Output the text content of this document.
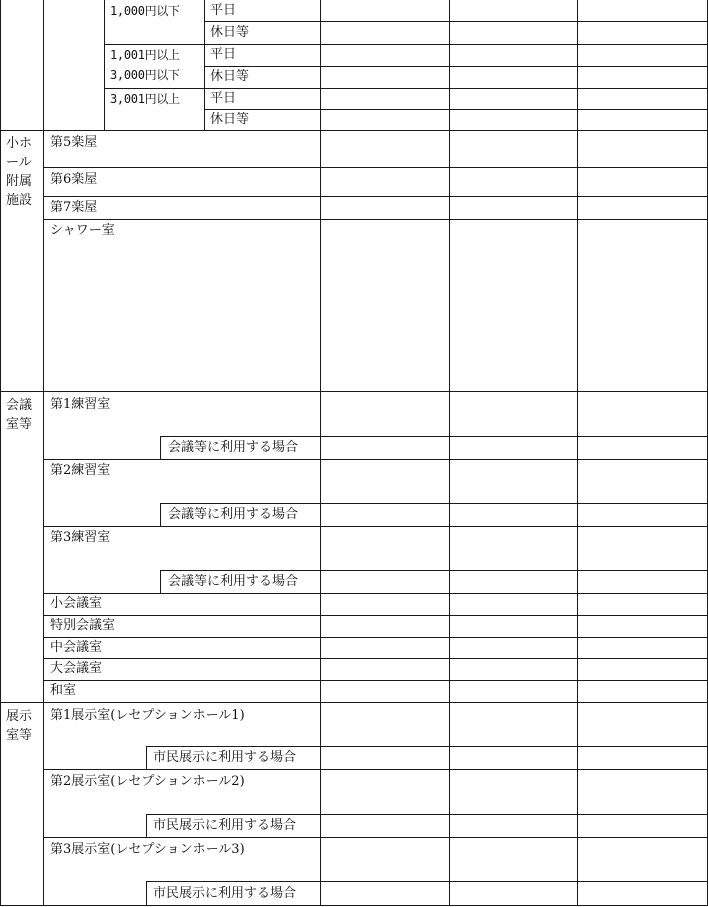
1,000円以下 平日
休日等
1,001円以上
3,000円以下
平日
休日等
3,001円以上 平日
休日等
小ホ
ール
附属
施設
第5楽屋
第6楽屋
第7楽屋
シャワー室
会議
室等
第1練習室
会議等に利用する場合
第2練習室
会議等に利用する場合
第3練習室
会議等に利用する場合
小会議室
特別会議室
中会議室
大会議室
和室
展示
室等
第1展示室(レセプションホール1)
市民展示に利用する場合
第2展示室(レセプションホール2)
市民展示に利用する場合
第3展示室(レセプションホール3)
市民展示に利用する場合
